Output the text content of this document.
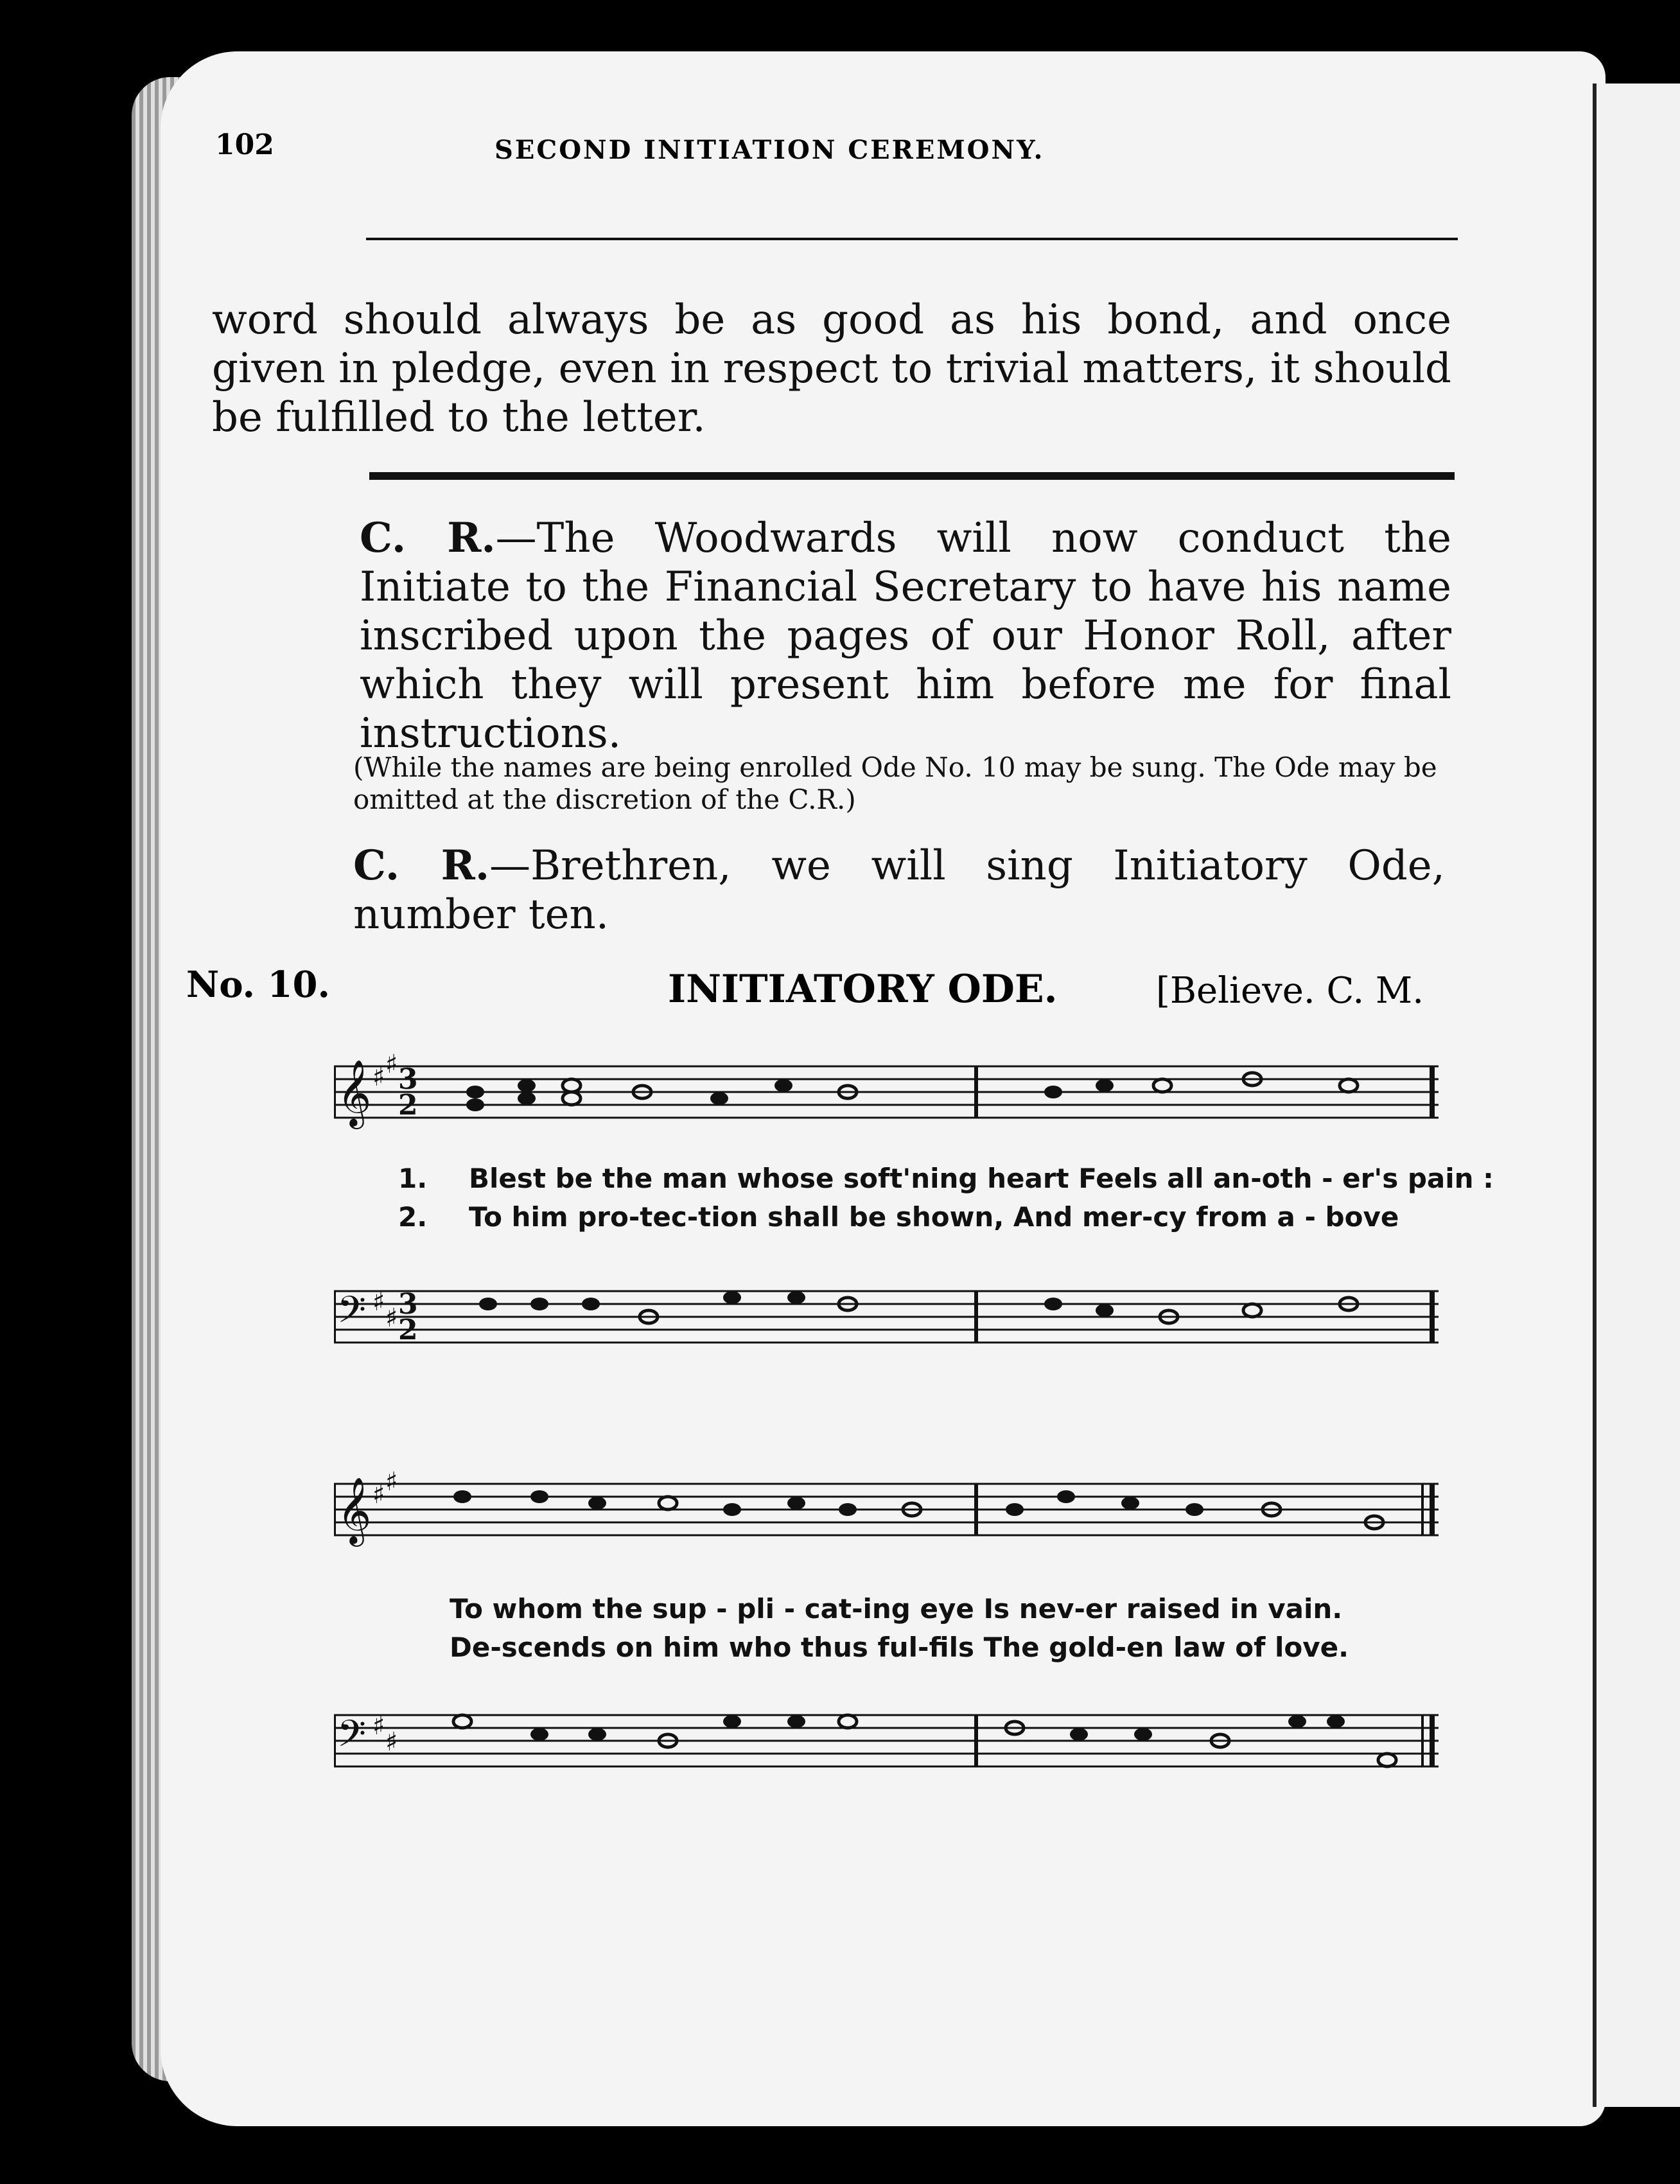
102	SECOND INITIATION CEREMONY.
word should always be as good as his bond, and once given in pledge, even in respect to trivial matters, it should be fulfilled to the letter.
C. R.—The Woodwards will now conduct the Initiate to the Financial Secretary to have his name inscribed upon the pages of our Honor Roll, after which they will present him before me for final instructions.
(While the names are being enrolled Ode No. 10 may be sung. The Ode may be omitted at the discretion of the C.R.)
C. R.—Brethren, we will sing Initiatory Ode, number ten.
No. 10.	INITIATORY ODE.	[Believe. C. M.
𝄞 ♯ ♯ 3
2
1. Blest be the man whose soft'ning heart Feels all an-oth - er's pain :
2. To him pro-tec-tion shall be shown, And mer-cy from a - bove
𝄢 ♯
♯ 3
2
𝄞 ♯ ♯
To whom the sup - pli - cat-ing eye Is nev-er raised in vain.
De-scends on him who thus ful-fils The gold-en law of love.
𝄢 ♯
♯
